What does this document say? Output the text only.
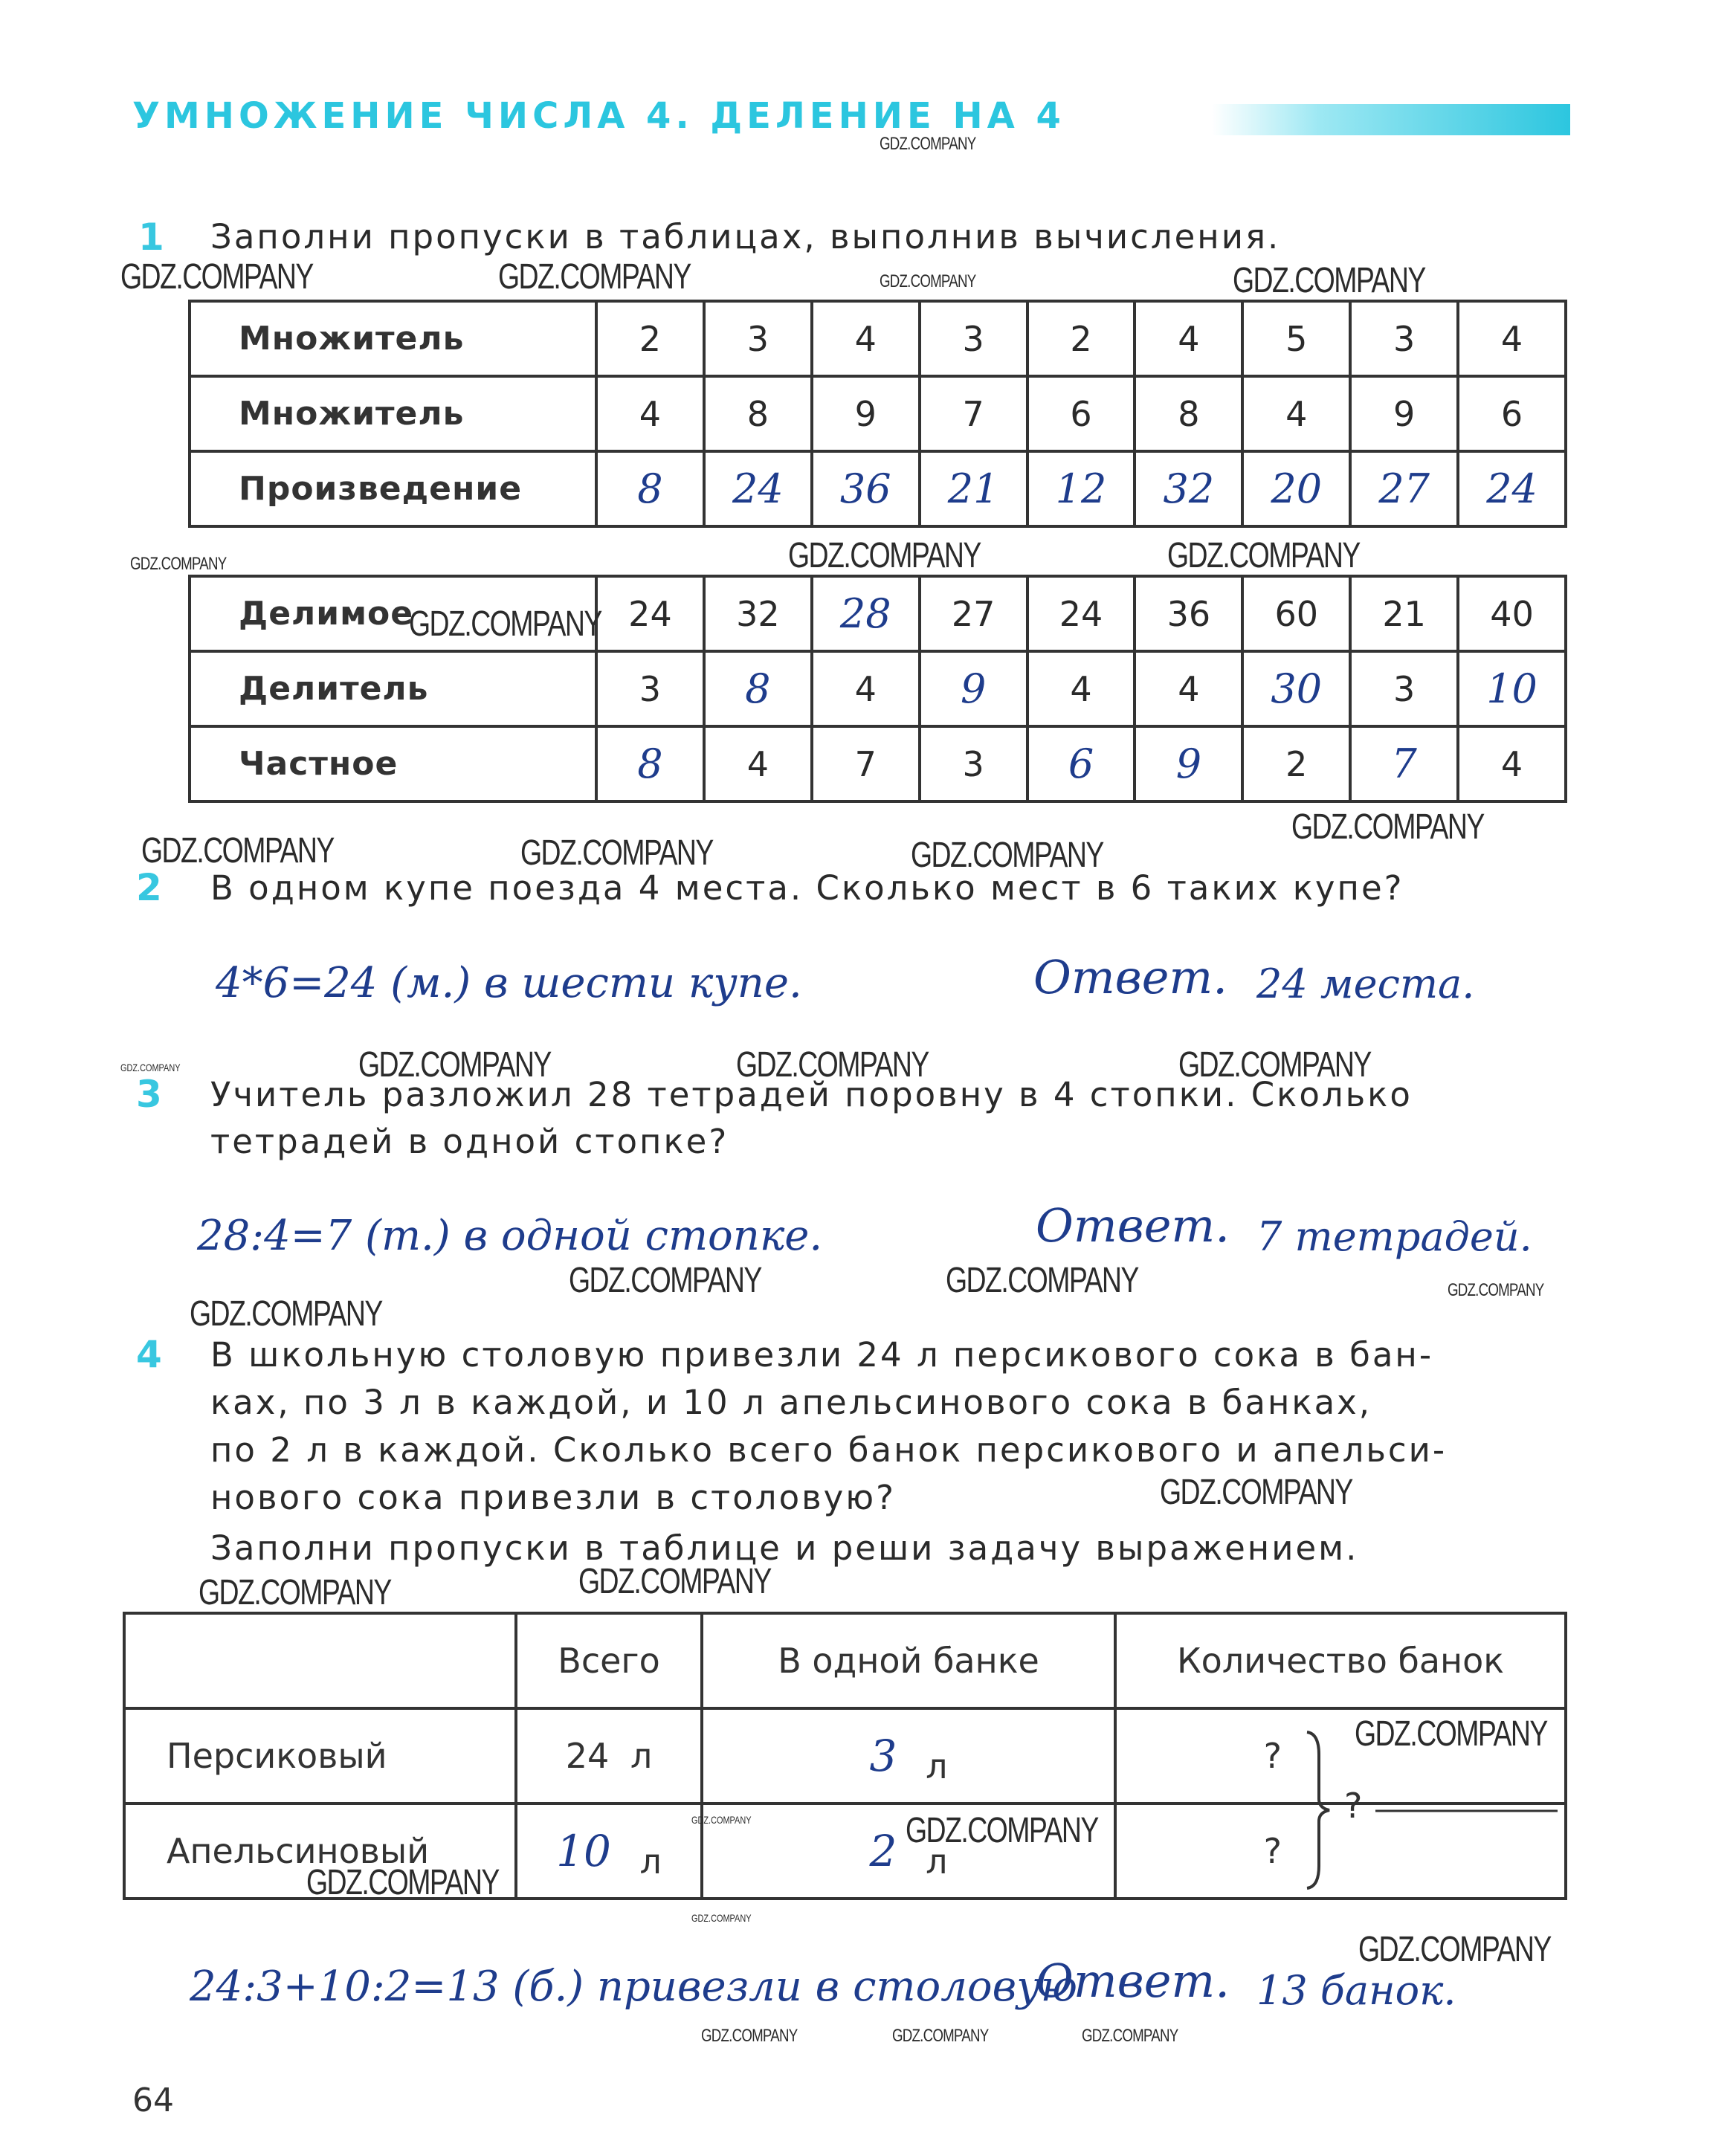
УМНОЖЕНИЕ ЧИСЛА 4. ДЕЛЕНИЕ НА 4
1 Заполни пропуски в таблицах, выполнив вычисления.
Множитель	2	3	4	3	2	4	5	3	4
Множитель	4	8	9	7	6	8	4	9	6
Произведение	8	24	36	21	12	32	20	27	24
Делимое	24	32	28	27	24	36	60	21	40
Делитель	3	8	4	9	4	4	30	3	10
Частное	8	4	7	3	6	9	2	7	4
2 В одном купе поезда 4 места. Сколько мест в 6 таких купе?
4*6=24 (м.) в шести купе.	Ответ. 24 места.
3 Учитель разложил 28 тетрадей поровну в 4 стопки. Сколько
тетрадей в одной стопке?
28:4=7 (т.) в одной стопке.	Ответ. 7 тетрадей.
4 В школьную столовую привезли 24 л персикового сока в бан-
ках, по 3 л в каждой, и 10 л апельсинового сока в банках,
по 2 л в каждой. Сколько всего банок персикового и апельси-
нового сока привезли в столовую?
Заполни пропуски в таблице и реши задачу выражением.
	Всего	В одной банке	Количество банок
Персиковый	24 л	3 л	?
Апельсиновый	10 л	2 л	?
?
24:3+10:2=13 (б.) привезли в столовую
Ответ. 13 банок.
64
GDZ.COMPANY	GDZ.COMPANY	GDZ.COMPANY	GDZ.COMPANY
GDZ.COMPANY
GDZ.COMPANY	GDZ.COMPANY	GDZ.COMPANY
GDZ.COMPANY
GDZ.COMPANY
GDZ.COMPANY	GDZ.COMPANY	GDZ.COMPANY
GDZ.COMPANY	GDZ.COMPANY	GDZ.COMPANY	GDZ.COMPANY
GDZ.COMPANY	GDZ.COMPANY	GDZ.COMPANY
GDZ.COMPANY
GDZ.COMPANY
GDZ.COMPANY
GDZ.COMPANY
GDZ.COMPANY
GDZ.COMPANY
GDZ.COMPANY
GDZ.COMPANY
GDZ.COMPANY
GDZ.COMPANY
GDZ.COMPANY	GDZ.COMPANY	GDZ.COMPANY
